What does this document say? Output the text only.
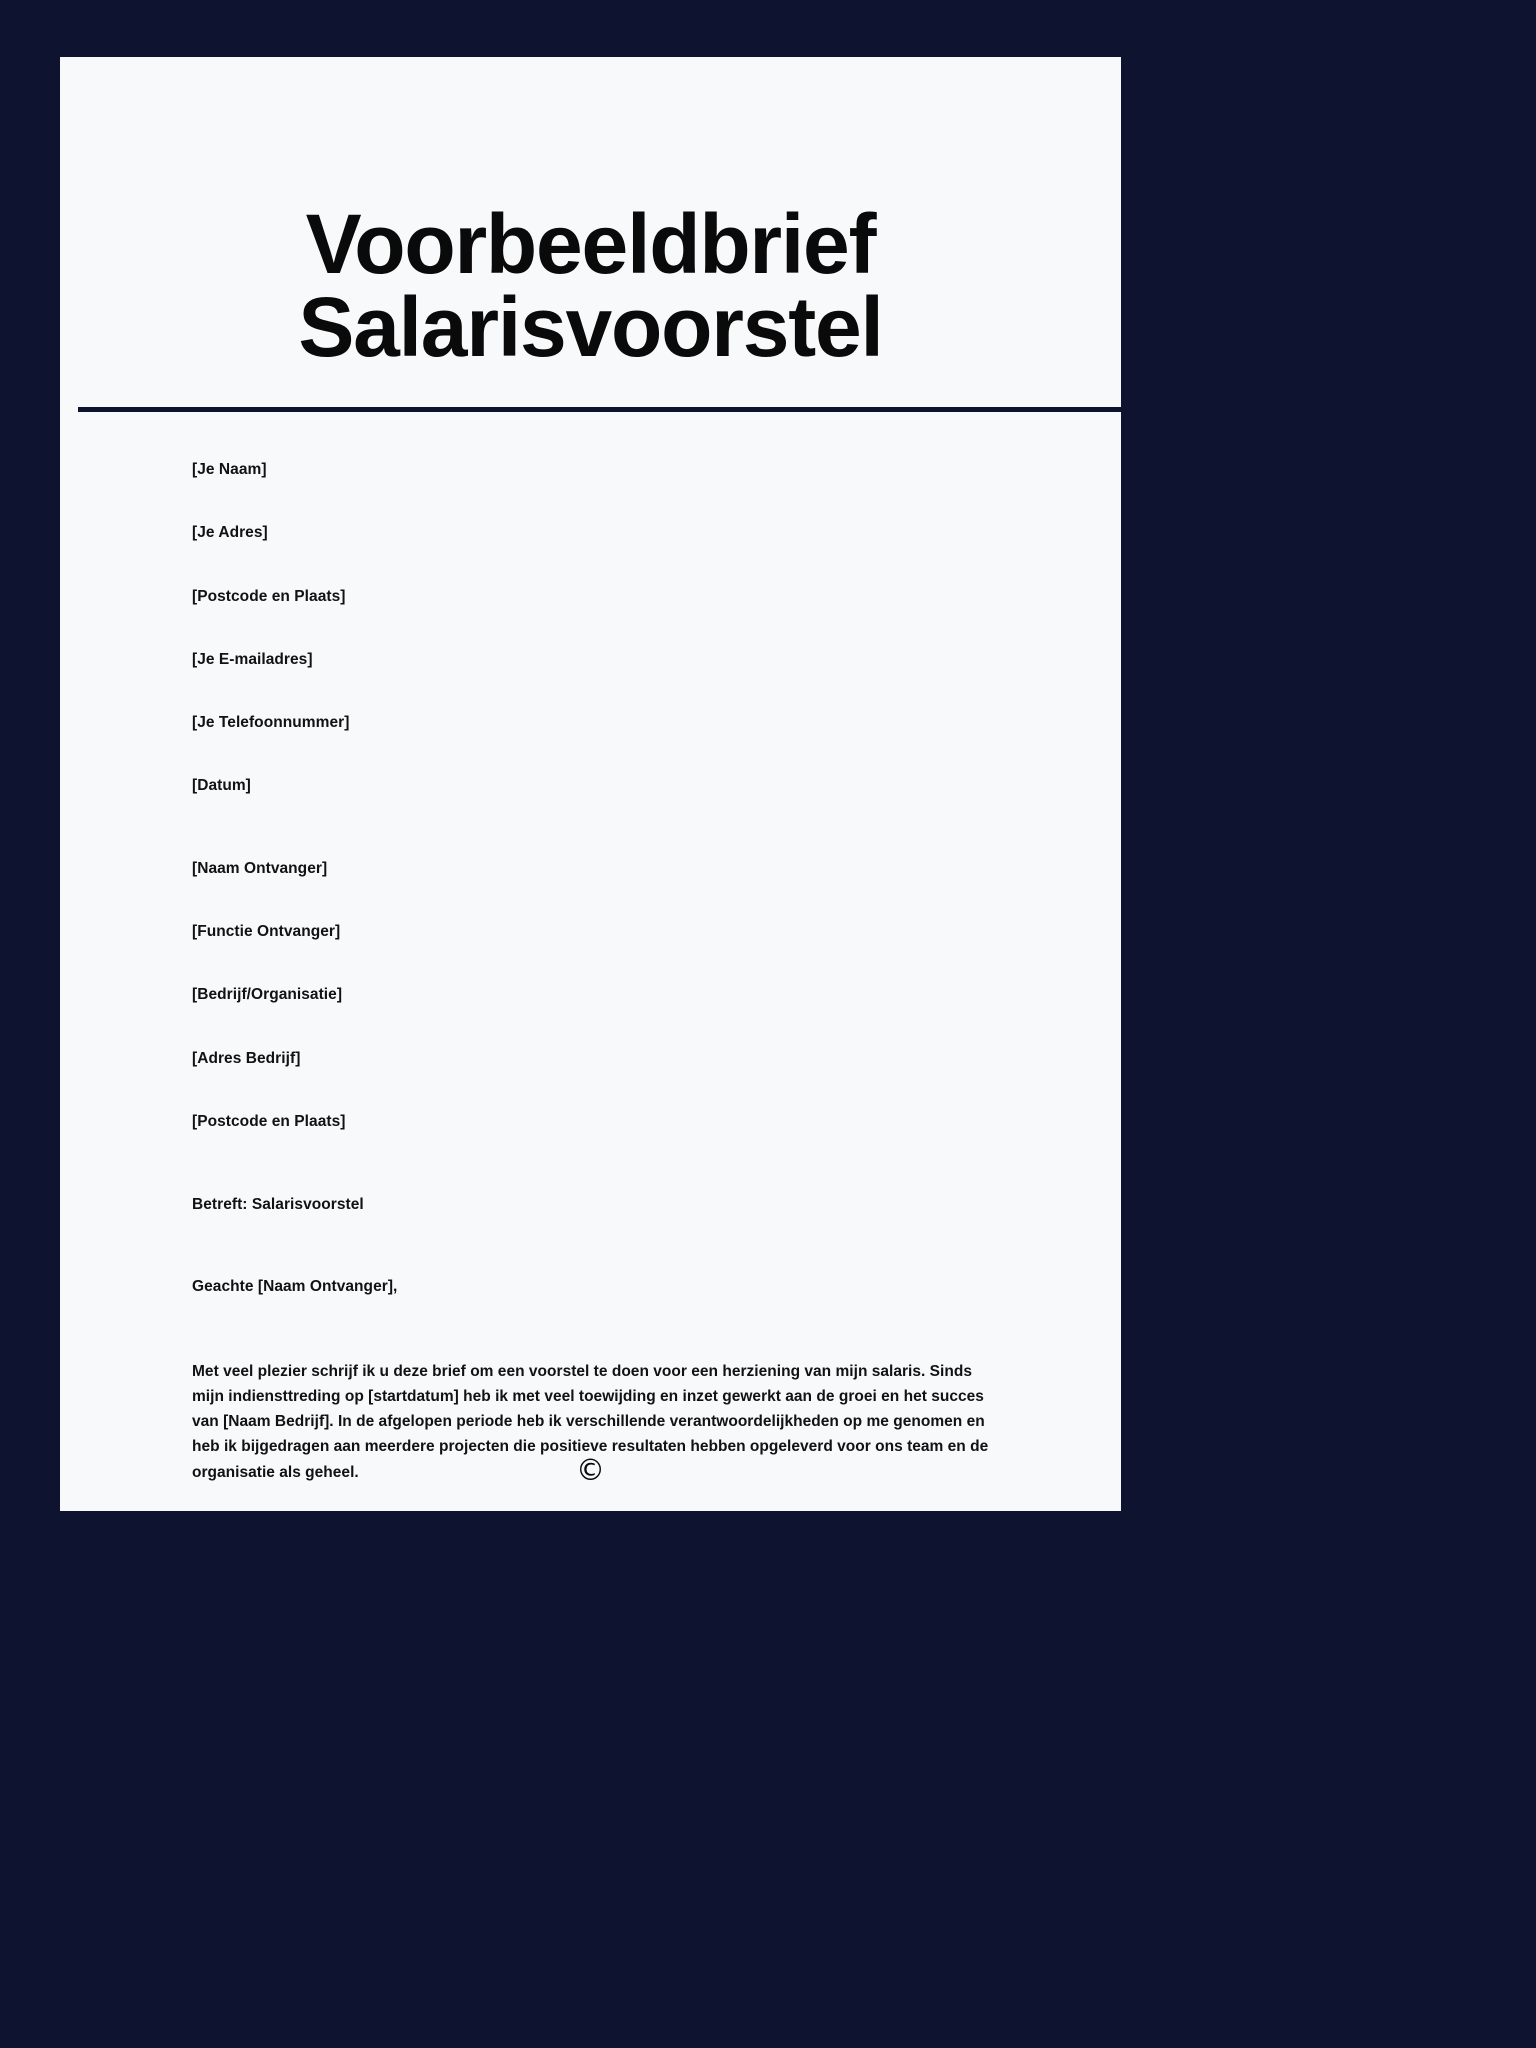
Voorbeeldbrief
Salarisvoorstel
[Je Naam]
[Je Adres]
[Postcode en Plaats]
[Je E-mailadres]
[Je Telefoonnummer]
[Datum]
[Naam Ontvanger]
[Functie Ontvanger]
[Bedrijf/Organisatie]
[Adres Bedrijf]
[Postcode en Plaats]
Betreft: Salarisvoorstel
Geachte [Naam Ontvanger],
Met veel plezier schrijf ik u deze brief om een voorstel te doen voor een herziening van mijn salaris. Sinds mijn indiensttreding op [startdatum] heb ik met veel toewijding en inzet gewerkt aan de groei en het succes van [Naam Bedrijf]. In de afgelopen periode heb ik verschillende verantwoordelijkheden op me genomen en heb ik bijgedragen aan meerdere projecten die positieve resultaten hebben opgeleverd voor ons team en de organisatie als geheel.	©
